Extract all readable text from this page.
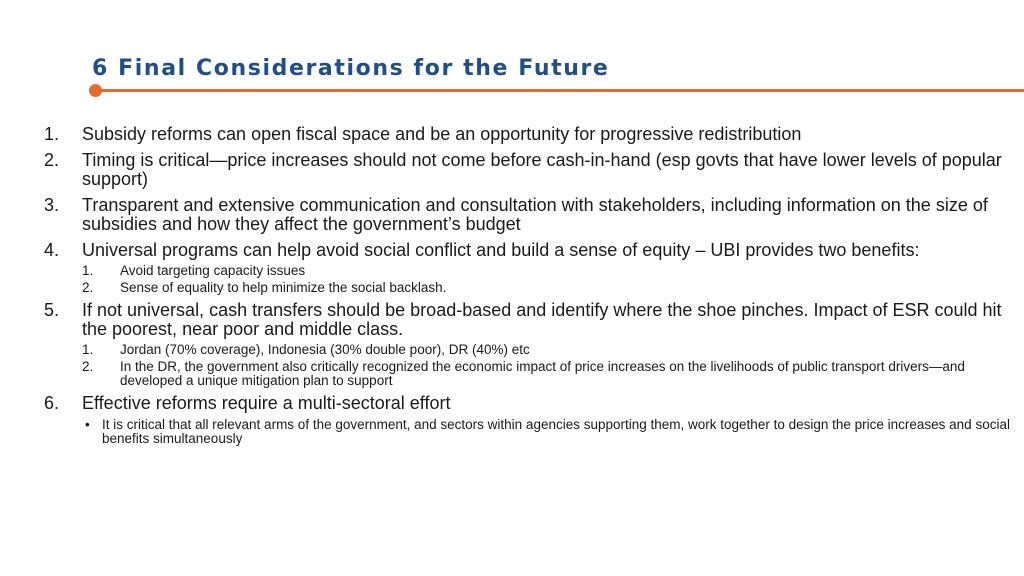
6 Final Considerations for the Future
1. Subsidy reforms can open fiscal space and be an opportunity for progressive redistribution
2. Timing is critical—price increases should not come before cash-in-hand (esp govts that have lower levels of popular support)
3. Transparent and extensive communication and consultation with stakeholders, including information on the size of subsidies and how they affect the government’s budget
4. Universal programs can help avoid social conflict and build a sense of equity – UBI provides two benefits:
1. Avoid targeting capacity issues
2. Sense of equality to help minimize the social backlash.
5. If not universal, cash transfers should be broad-based and identify where the shoe pinches. Impact of ESR could hit the poorest, near poor and middle class.
1. Jordan (70% coverage), Indonesia (30% double poor), DR (40%) etc
2. In the DR, the government also critically recognized the economic impact of price increases on the livelihoods of public transport drivers—and developed a unique mitigation plan to support
6. Effective reforms require a multi-sectoral effort
• It is critical that all relevant arms of the government, and sectors within agencies supporting them, work together to design the price increases and social benefits simultaneously
